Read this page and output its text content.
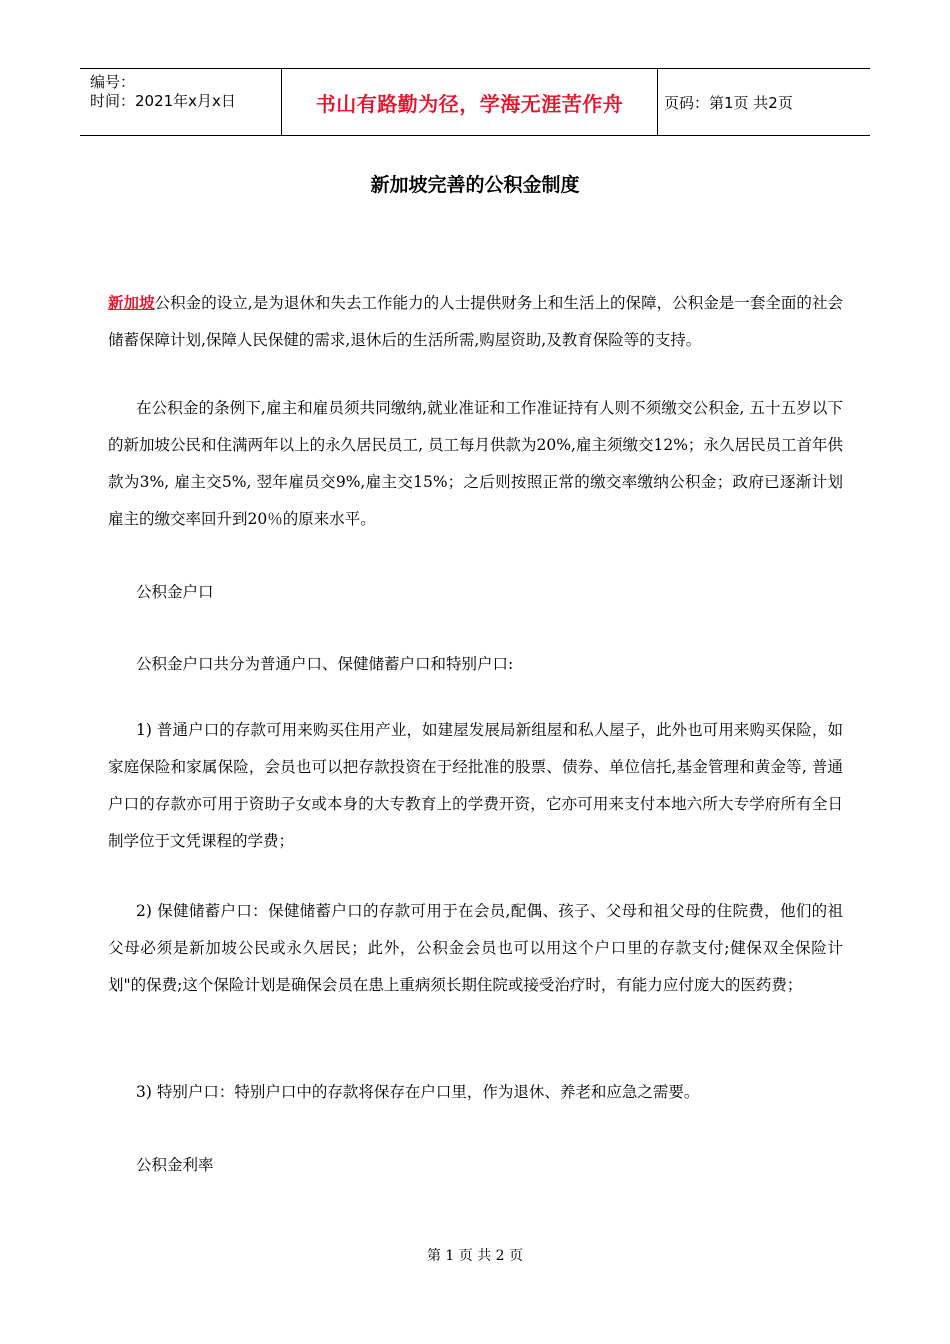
编号：
时间：2021年x月x日	书山有路勤为径，学海无涯苦作舟	页码：第1页 共2页
新加坡完善的公积金制度

新加坡公积金的设立,是为退休和失去工作能力的人士提供财务上和生活上的保障，公积金是一套全面的社会储蓄保障计划,保障人民保健的需求,退休后的生活所需,购屋资助,及教育保险等的支持。

在公积金的条例下,雇主和雇员须共同缴纳,就业准证和工作准证持有人则不须缴交公积金, 五十五岁以下的新加坡公民和住满两年以上的永久居民员工, 员工每月供款为20%,雇主须缴交12%；永久居民员工首年供款为3%, 雇主交5%, 翌年雇员交9%,雇主交15%；之后则按照正常的缴交率缴纳公积金；政府已逐渐计划雇主的缴交率回升到20％的原来水平。

公积金户口

公积金户口共分为普通户口、保健储蓄户口和特别户口:

1) 普通户口的存款可用来购买住用产业，如建屋发展局新组屋和私人屋子，此外也可用来购买保险，如家庭保险和家属保险，会员也可以把存款投资在于经批准的股票、债券、单位信托,基金管理和黄金等, 普通户口的存款亦可用于资助子女或本身的大专教育上的学费开资，它亦可用来支付本地六所大专学府所有全日制学位于文凭课程的学费；

2) 保健储蓄户口：保健储蓄户口的存款可用于在会员,配偶、孩子、父母和祖父母的住院费，他们的祖父母必须是新加坡公民或永久居民；此外，公积金会员也可以用这个户口里的存款支付;健保双全保险计划"的保费;这个保险计划是确保会员在患上重病须长期住院或接受治疗时，有能力应付庞大的医药费；

3) 特别户口：特别户口中的存款将保存在户口里，作为退休、养老和应急之需要。

公积金利率

第 1 页 共 2 页
